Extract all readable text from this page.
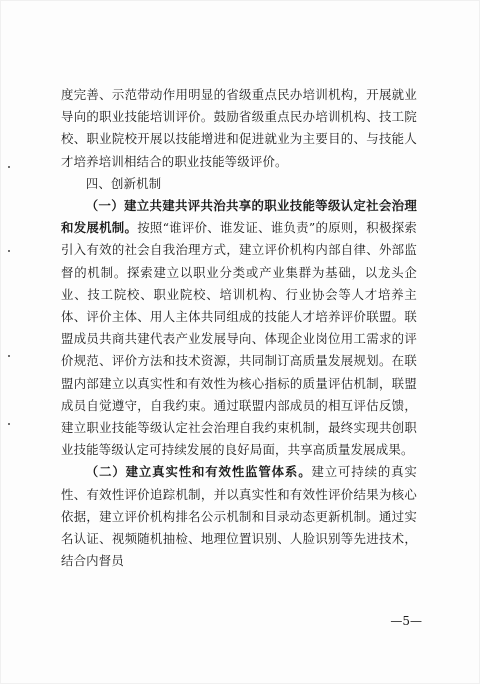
度完善、示范带动作用明显的省级重点民办培训机构，开展就业导向的职业技能培训评价。鼓励省级重点民办培训机构、技工院校、职业院校开展以技能增进和促进就业为主要目的、与技能人才培养培训相结合的职业技能等级评价。

四、创新机制

（一）建立共建共评共治共享的职业技能等级认定社会治理和发展机制。按照“谁评价、谁发证、谁负责”的原则，积极探索引入有效的社会自我治理方式，建立评价机构内部自律、外部监督的机制。探索建立以职业分类或产业集群为基础，以龙头企业、技工院校、职业院校、培训机构、行业协会等人才培养主体、评价主体、用人主体共同组成的技能人才培养评价联盟。联盟成员共商共建代表产业发展导向、体现企业岗位用工需求的评价规范、评价方法和技术资源，共同制订高质量发展规划。在联盟内部建立以真实性和有效性为核心指标的质量评估机制，联盟成员自觉遵守，自我约束。通过联盟内部成员的相互评估反馈，建立职业技能等级认定社会治理自我约束机制，最终实现共创职业技能等级认定可持续发展的良好局面，共享高质量发展成果。

（二）建立真实性和有效性监管体系。建立可持续的真实性、有效性评价追踪机制，并以真实性和有效性评价结果为核心依据，建立评价机构排名公示机制和目录动态更新机制。通过实名认证、视频随机抽检、地理位置识别、人脸识别等先进技术，结合内督员

—5—
